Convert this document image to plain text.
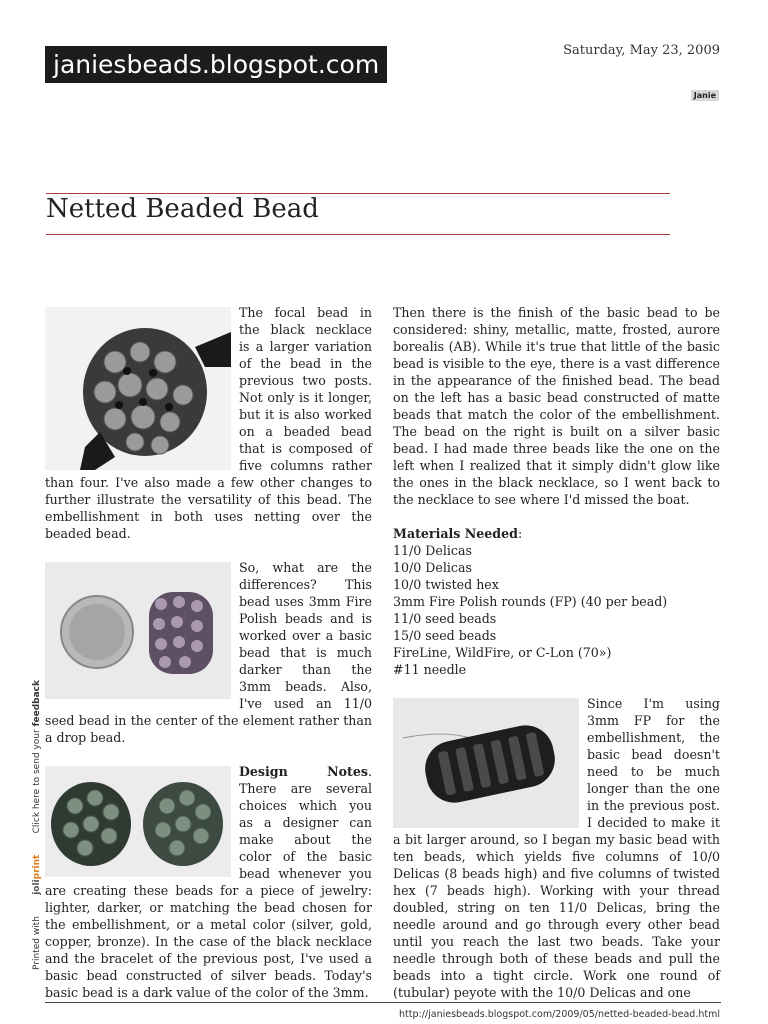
janiesbeads.blogspot.com	Saturday, May 23, 2009
Janie
Netted Beaded Bead

The focal bead in the black necklace is a larger variation of the bead in the previous two posts. Not only is it longer, but it is also worked on a beaded bead that is composed of five columns rather than four. I've also made a few other changes to further illustrate the versatility of this bead. The embellishment in both uses netting over the beaded bead.

So, what are the differences? This bead uses 3mm Fire Polish beads and is worked over a basic bead that is much darker than the 3mm beads. Also, I've used an 11/0 seed bead in the center of the element rather than a drop bead.

Design Notes. There are several choices which you as a designer can make about the color of the basic bead whenever you are creating these beads for a piece of jewelry: lighter, darker, or matching the bead chosen for the embellishment, or a metal color (silver, gold, copper, bronze). In the case of the black necklace and the bracelet of the previous post, I've used a basic bead constructed of silver beads. Today's basic bead is a dark value of the color of the 3mm.

Then there is the finish of the basic bead to be considered: shiny, metallic, matte, frosted, aurore borealis (AB). While it's true that little of the basic bead is visible to the eye, there is a vast difference in the appearance of the finished bead. The bead on the left has a basic bead constructed of matte beads that match the color of the embellishment. The bead on the right is built on a silver basic bead. I had made three beads like the one on the left when I realized that it simply didn't glow like the ones in the black necklace, so I went back to the necklace to see where I'd missed the boat.

Materials Needed:
11/0 Delicas
10/0 Delicas
10/0 twisted hex
3mm Fire Polish rounds (FP) (40 per bead)
11/0 seed beads
15/0 seed beads
FireLine, WildFire, or C-Lon (70»)
#11 needle

Since I'm using 3mm FP for the embellishment, the basic bead doesn't need to be much longer than the one in the previous post. I decided to make it a bit larger around, so I began my basic bead with ten beads, which yields five columns of 10/0 Delicas (8 beads high) and five columns of twisted hex (7 beads high). Working with your thread doubled, string on ten 11/0 Delicas, bring the needle around and go through every other bead until you reach the last two beads. Take your needle through both of these beads and pull the beads into a tight circle. Work one round of (tubular) peyote with the 10/0 Delicas and one

Printed with
joliprint
Click here to send your feedback
http://janiesbeads.blogspot.com/2009/05/netted-beaded-bead.html
